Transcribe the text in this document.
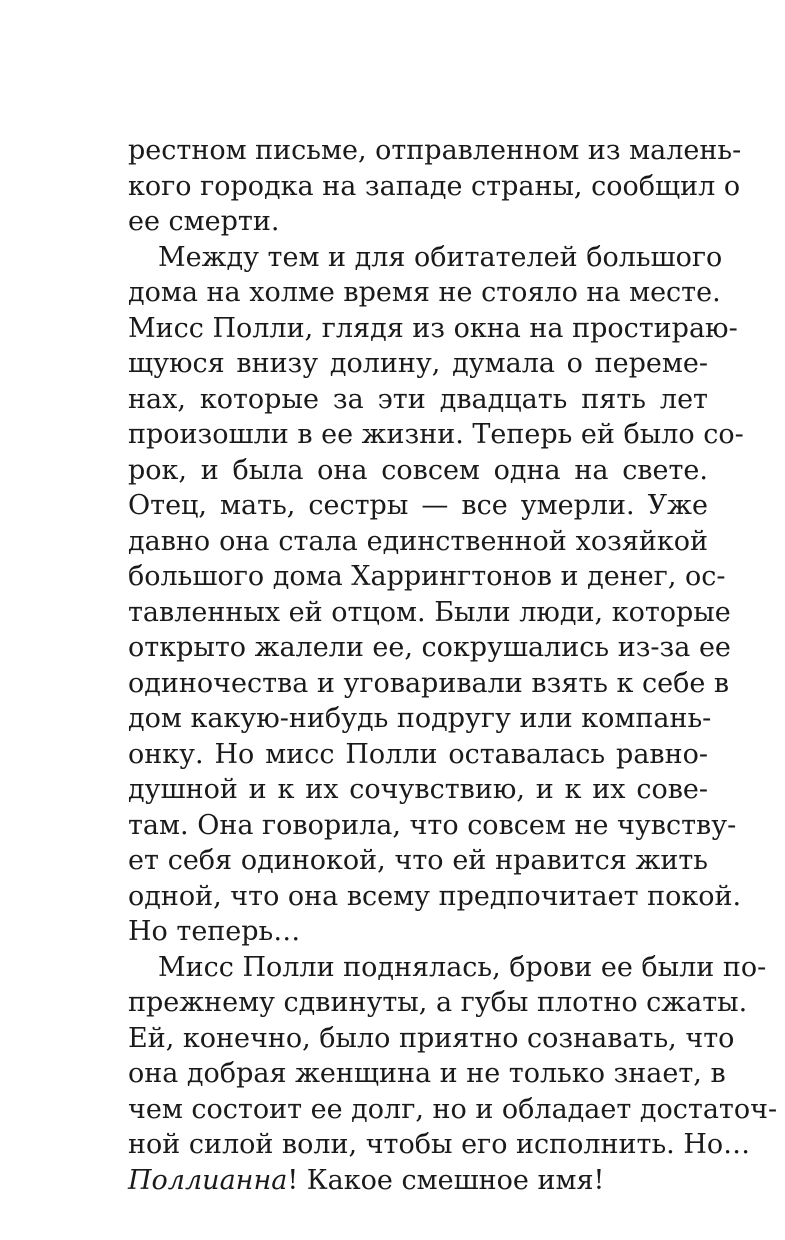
рестном письме, отправленном из малень-
кого городка на западе страны, сообщил о
ее смерти.
Между тем и для обитателей большого
дома на холме время не стояло на месте.
Мисс Полли, глядя из окна на простираю-
щуюся внизу долину, думала о переме-
нах, которые за эти двадцать пять лет
произошли в ее жизни. Теперь ей было со-
рок, и была она совсем одна на свете.
Отец, мать, сестры — все умерли. Уже
давно она стала единственной хозяйкой
большого дома Харрингтонов и денег, ос-
тавленных ей отцом. Были люди, которые
открыто жалели ее, сокрушались из-за ее
одиночества и уговаривали взять к себе в
дом какую-нибудь подругу или компань-
онку. Но мисс Полли оставалась равно-
душной и к их сочувствию, и к их сове-
там. Она говорила, что совсем не чувству-
ет себя одинокой, что ей нравится жить
одной, что она всему предпочитает покой.
Но теперь…
Мисс Полли поднялась, брови ее были по-
прежнему сдвинуты, а губы плотно сжаты.
Ей, конечно, было приятно сознавать, что
она добрая женщина и не только знает, в
чем состоит ее долг, но и обладает достаточ-
ной силой воли, чтобы его исполнить. Но…
Поллианна! Какое смешное имя!
